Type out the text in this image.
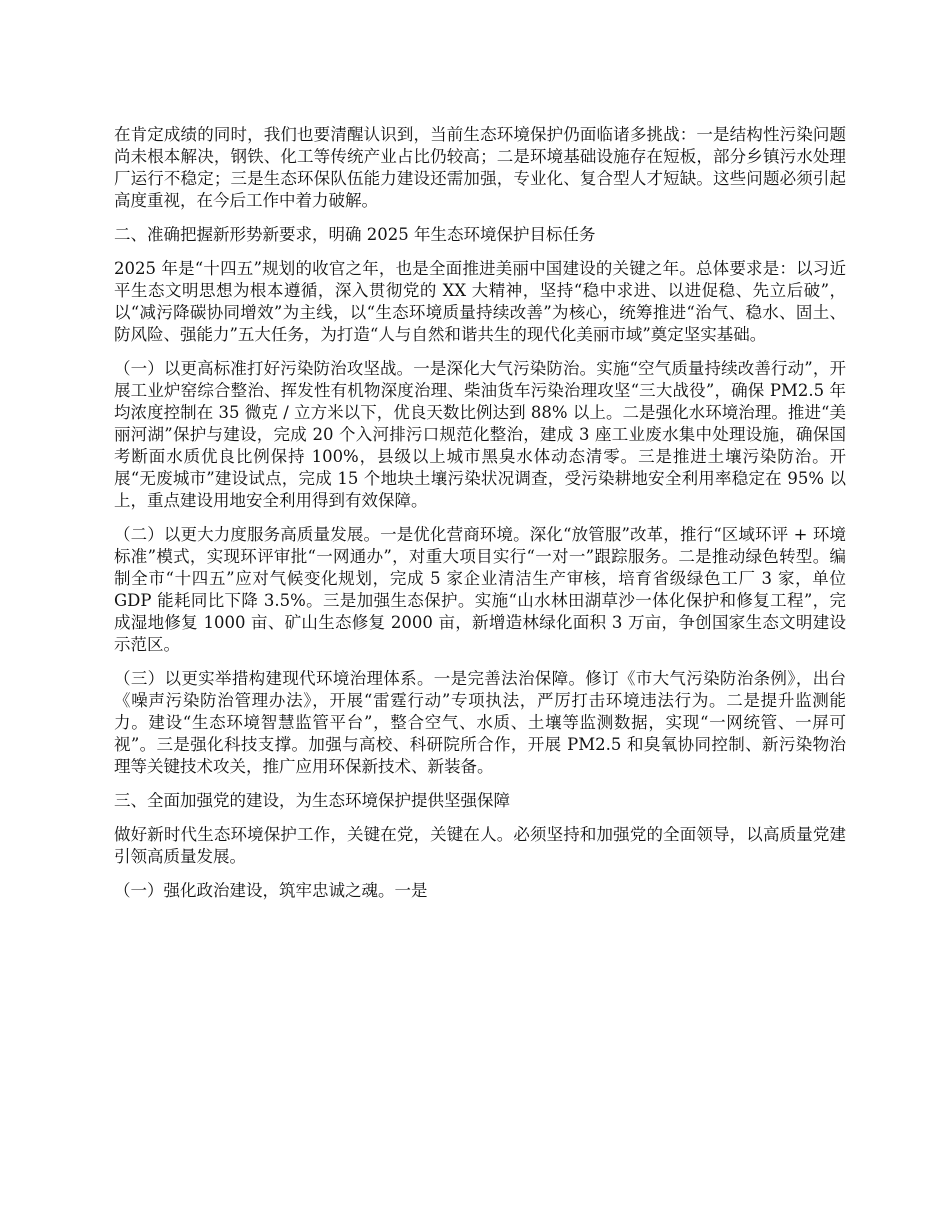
在肯定成绩的同时，我们也要清醒认识到，当前生态环境保护仍面临诸多挑战：一是结构性污染问题尚未根本解决，钢铁、化工等传统产业占比仍较高；二是环境基础设施存在短板，部分乡镇污水处理厂运行不稳定；三是生态环保队伍能力建设还需加强，专业化、复合型人才短缺。这些问题必须引起高度重视，在今后工作中着力破解。

二、准确把握新形势新要求，明确 2025 年生态环境保护目标任务

2025 年是“十四五”规划的收官之年，也是全面推进美丽中国建设的关键之年。总体要求是：以习近平生态文明思想为根本遵循，深入贯彻党的 XX 大精神，坚持“稳中求进、以进促稳、先立后破”，以“减污降碳协同增效”为主线，以“生态环境质量持续改善”为核心，统筹推进“治气、稳水、固土、防风险、强能力”五大任务，为打造“人与自然和谐共生的现代化美丽市域”奠定坚实基础。

（一）以更高标准打好污染防治攻坚战。一是深化大气污染防治。实施“空气质量持续改善行动”，开展工业炉窑综合整治、挥发性有机物深度治理、柴油货车污染治理攻坚“三大战役”，确保 PM2.5 年均浓度控制在 35 微克 / 立方米以下，优良天数比例达到 88% 以上。二是强化水环境治理。推进“美丽河湖”保护与建设，完成 20 个入河排污口规范化整治，建成 3 座工业废水集中处理设施，确保国考断面水质优良比例保持 100%，县级以上城市黑臭水体动态清零。三是推进土壤污染防治。开展“无废城市”建设试点，完成 15 个地块土壤污染状况调查，受污染耕地安全利用率稳定在 95% 以上，重点建设用地安全利用得到有效保障。

（二）以更大力度服务高质量发展。一是优化营商环境。深化“放管服”改革，推行“区域环评 + 环境标准”模式，实现环评审批“一网通办”，对重大项目实行“一对一”跟踪服务。二是推动绿色转型。编制全市“十四五”应对气候变化规划，完成 5 家企业清洁生产审核，培育省级绿色工厂 3 家，单位 GDP 能耗同比下降 3.5%。三是加强生态保护。实施“山水林田湖草沙一体化保护和修复工程”，完成湿地修复 1000 亩、矿山生态修复 2000 亩，新增造林绿化面积 3 万亩，争创国家生态文明建设示范区。

（三）以更实举措构建现代环境治理体系。一是完善法治保障。修订《市大气污染防治条例》，出台《噪声污染防治管理办法》，开展“雷霆行动”专项执法，严厉打击环境违法行为。二是提升监测能力。建设“生态环境智慧监管平台”，整合空气、水质、土壤等监测数据，实现“一网统管、一屏可视”。三是强化科技支撑。加强与高校、科研院所合作，开展 PM2.5 和臭氧协同控制、新污染物治理等关键技术攻关，推广应用环保新技术、新装备。

三、全面加强党的建设，为生态环境保护提供坚强保障

做好新时代生态环境保护工作，关键在党，关键在人。必须坚持和加强党的全面领导，以高质量党建引领高质量发展。

（一）强化政治建设，筑牢忠诚之魂。一是
